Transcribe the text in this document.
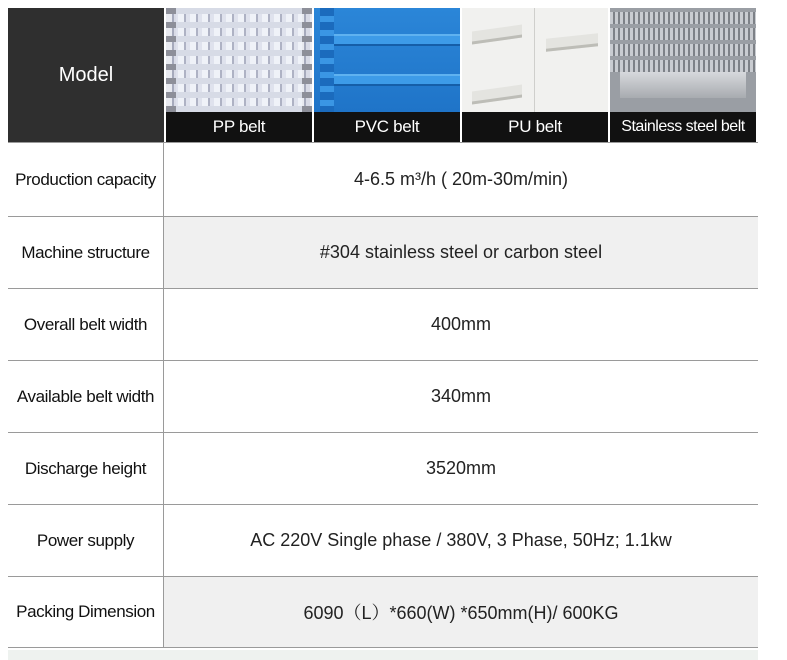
Model
PP belt	PVC belt	PU belt	Stainless steel belt
Production capacity	4-6.5 m³/h ( 20m-30m/min)
Machine structure	#304 stainless steel or carbon steel
Overall belt width	400mm
Available belt width	340mm
Discharge height	3520mm
Power supply	AC 220V Single phase / 380V, 3 Phase, 50Hz; 1.1kw
Packing Dimension	6090（L）*660(W) *650mm(H)/ 600KG
